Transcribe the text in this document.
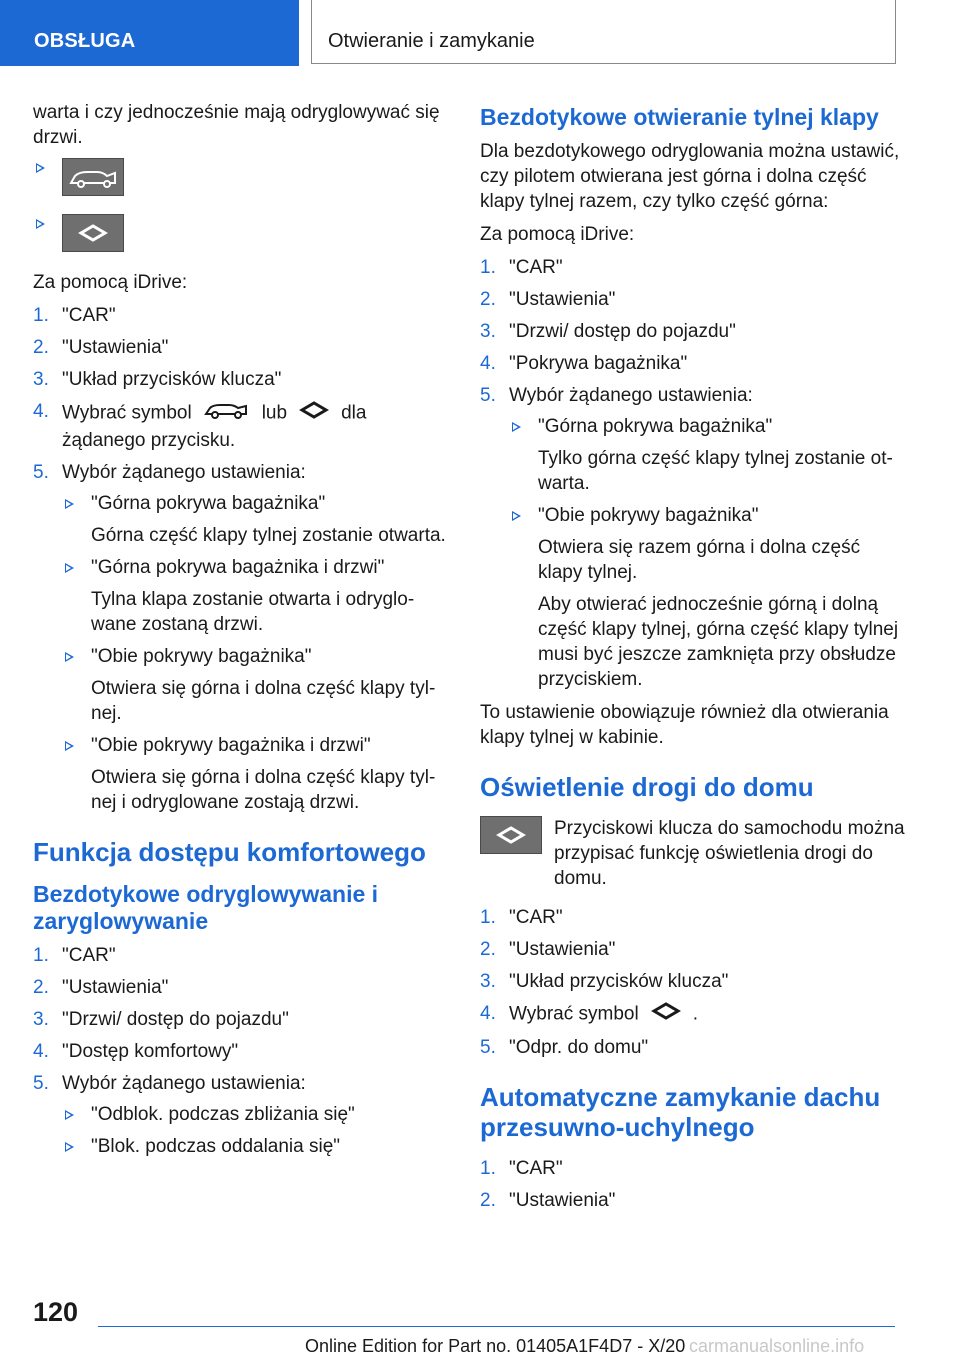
OBSŁUGA	Otwieranie i zamykanie

warta i czy jednocześnie mają odryglowywać się drzwi.

Za pomocą iDrive:

1. "CAR"
2. "Ustawienia"
3. "Układ przycisków klucza"
4. Wybrać symbol	lub	dla żądanego przycisku.
5. Wybór żądanego ustawienia:
"Górna pokrywa bagażnika"
Górna część klapy tylnej zostanie otwarta.
"Górna pokrywa bagażnika i drzwi"
Tylna klapa zostanie otwarta i odryglowane zostaną drzwi.
"Obie pokrywy bagażnika"
Otwiera się górna i dolna część klapy tylnej.
"Obie pokrywy bagażnika i drzwi"
Otwiera się górna i dolna część klapy tylnej i odryglowane zostają drzwi.
Funkcja dostępu komfortowego
Bezdotykowe odryglowywanie i zaryglowywanie
1. "CAR"
2. "Ustawienia"
3. "Drzwi/ dostęp do pojazdu"
4. "Dostęp komfortowy"
5. Wybór żądanego ustawienia:
"Odblok. podczas zbliżania się"
"Blok. podczas oddalania się"
Bezdotykowe otwieranie tylnej klapy

Dla bezdotykowego odryglowania można ustawić, czy pilotem otwierana jest górna i dolna część klapy tylnej razem, czy tylko część górna:

Za pomocą iDrive:

1. "CAR"
2. "Ustawienia"
3. "Drzwi/ dostęp do pojazdu"
4. "Pokrywa bagażnika"
5. Wybór żądanego ustawienia:
"Górna pokrywa bagażnika"
Tylko górna część klapy tylnej zostanie otwarta.
"Obie pokrywy bagażnika"
Otwiera się razem górna i dolna część klapy tylnej.
Aby otwierać jednocześnie górną i dolną część klapy tylnej, górna część klapy tylnej musi być jeszcze zamknięta przy obsłudze przyciskiem.

To ustawienie obowiązuje również dla otwierania klapy tylnej w kabinie.

Oświetlenie drogi do domu

Przyciskowi klucza do samochodu można przypisać funkcję oświetlenia drogi do domu.

1. "CAR"
2. "Ustawienia"
3. "Układ przycisków klucza"
4. Wybrać symbol	.
5. "Odpr. do domu"
Automatyczne zamykanie dachu przesuwno-uchylnego
1. "CAR"
2. "Ustawienia"
120
Online Edition for Part no. 01405A1F4D7 - X/20 carmanualsonline.info
